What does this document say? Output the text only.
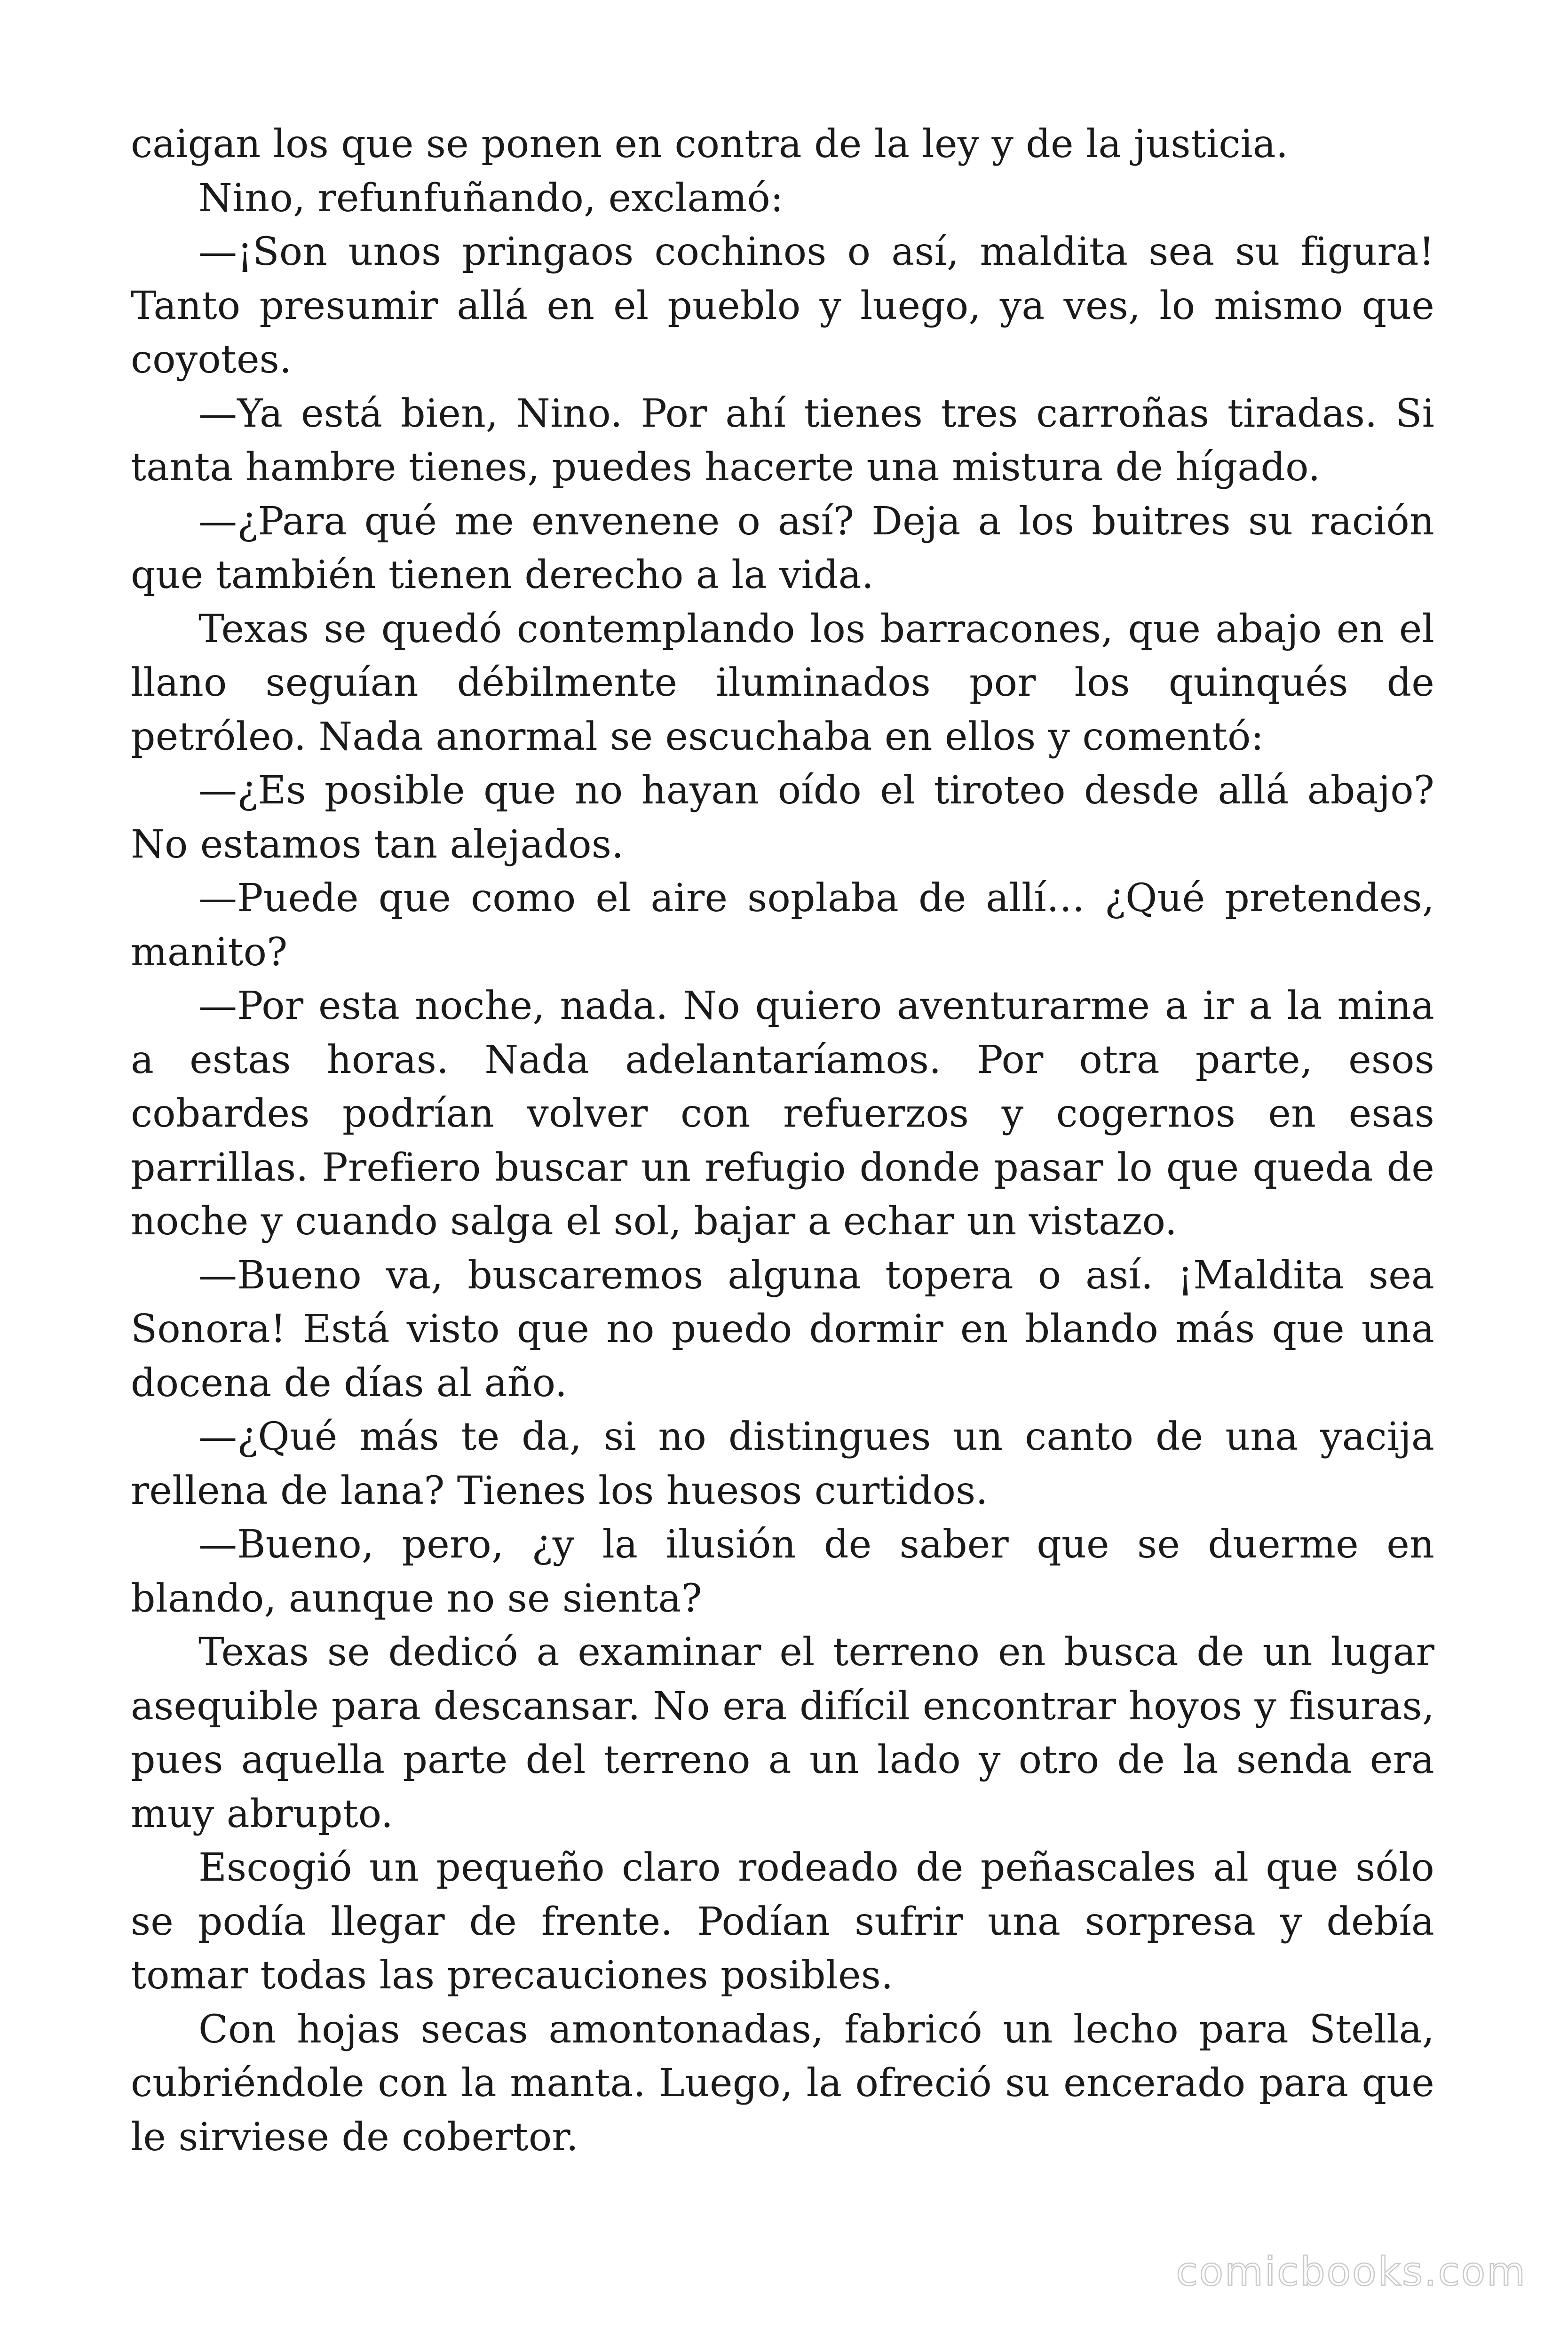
caigan los que se ponen en contra de la ley y de la justicia.

Nino, refunfuñando, exclamó:

—¡Son unos pringaos cochinos o así, maldita sea su figura! Tanto presumir allá en el pueblo y luego, ya ves, lo mismo que coyotes.

—Ya está bien, Nino. Por ahí tienes tres carroñas tiradas. Si tanta hambre tienes, puedes hacerte una mistura de hígado.

—¿Para qué me envenene o así? Deja a los buitres su ración que también tienen derecho a la vida.

Texas se quedó contemplando los barracones, que abajo en el llano seguían débilmente iluminados por los quinqués de petróleo. Nada anormal se escuchaba en ellos y comentó:

—¿Es posible que no hayan oído el tiroteo desde allá abajo? No estamos tan alejados.

—Puede que como el aire soplaba de allí… ¿Qué pretendes, manito?

—Por esta noche, nada. No quiero aventurarme a ir a la mina a estas horas. Nada adelantaríamos. Por otra parte, esos cobardes podrían volver con refuerzos y cogernos en esas parrillas. Prefiero buscar un refugio donde pasar lo que queda de noche y cuando salga el sol, bajar a echar un vistazo.

—Bueno va, buscaremos alguna topera o así. ¡Maldita sea Sonora! Está visto que no puedo dormir en blando más que una docena de días al año.

—¿Qué más te da, si no distingues un canto de una yacija rellena de lana? Tienes los huesos curtidos.

—Bueno, pero, ¿y la ilusión de saber que se duerme en blando, aunque no se sienta?

Texas se dedicó a examinar el terreno en busca de un lugar asequible para descansar. No era difícil encontrar hoyos y fisuras, pues aquella parte del terreno a un lado y otro de la senda era muy abrupto.

Escogió un pequeño claro rodeado de peñascales al que sólo se podía llegar de frente. Podían sufrir una sorpresa y debía tomar todas las precauciones posibles.

Con hojas secas amontonadas, fabricó un lecho para Stella, cubriéndole con la manta. Luego, la ofreció su encerado para que le sirviese de cobertor.

comicbooks.com
